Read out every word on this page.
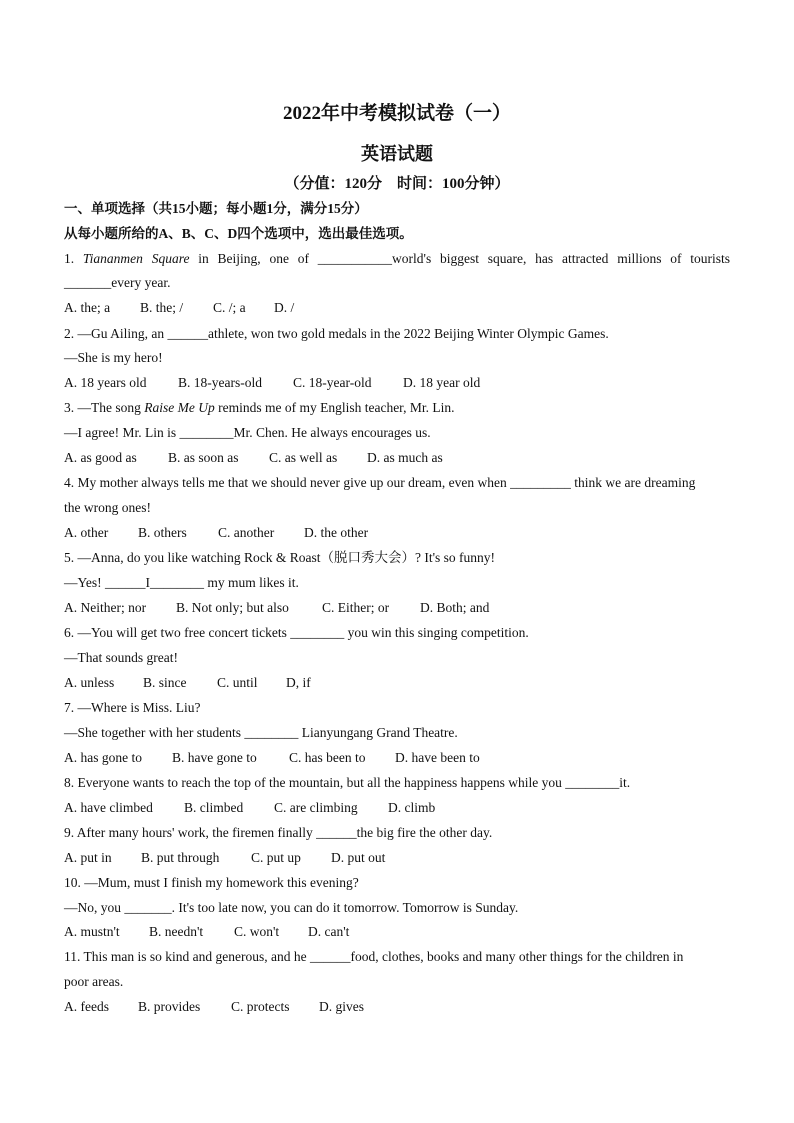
2022年中考模拟试卷（一）
英语试题
（分值：120分　时间：100分钟）
一、单项选择（共15小题；每小题1分，满分15分）
从每小题所给的A、B、C、D四个选项中，选出最佳选项。
1. Tiananmen Square in Beijing, one of ___________world's biggest square, has attracted millions of tourists
_______every year.
A. the; a	B. the; /	C. /; a	D. /
2. —Gu Ailing, an ______athlete, won two gold medals in the 2022 Beijing Winter Olympic Games.
—She is my hero!
A. 18 years old	B. 18-years-old	C. 18-year-old	D. 18 year old
3. —The song Raise Me Up reminds me of my English teacher, Mr. Lin.
—I agree! Mr. Lin is ________Mr. Chen. He always encourages us.
A. as good as	B. as soon as	C. as well as	D. as much as
4. My mother always tells me that we should never give up our dream, even when _________ think we are dreaming
the wrong ones!
A. other	B. others	C. another	D. the other
5. —Anna, do you like watching Rock & Roast（脱口秀大会）? It's so funny!
—Yes! ______I________ my mum likes it.
A. Neither; nor	B. Not only; but also	C. Either; or	D. Both; and
6. —You will get two free concert tickets ________ you win this singing competition.
—That sounds great!
A. unless	B. since	C. until	D, if
7. —Where is Miss. Liu?
—She together with her students ________ Lianyungang Grand Theatre.
A. has gone to	B. have gone to	C. has been to	D. have been to
8. Everyone wants to reach the top of the mountain, but all the happiness happens while you ________it.
A. have climbed	B. climbed	C. are climbing	D. climb
9. After many hours' work, the firemen finally ______the big fire the other day.
A. put in	B. put through	C. put up	D. put out
10. —Mum, must I finish my homework this evening?
—No, you _______. It's too late now, you can do it tomorrow. Tomorrow is Sunday.
A. mustn't	B. needn't	C. won't	D. can't
11. This man is so kind and generous, and he ______food, clothes, books and many other things for the children in
poor areas.
A. feeds	B. provides	C. protects	D. gives
